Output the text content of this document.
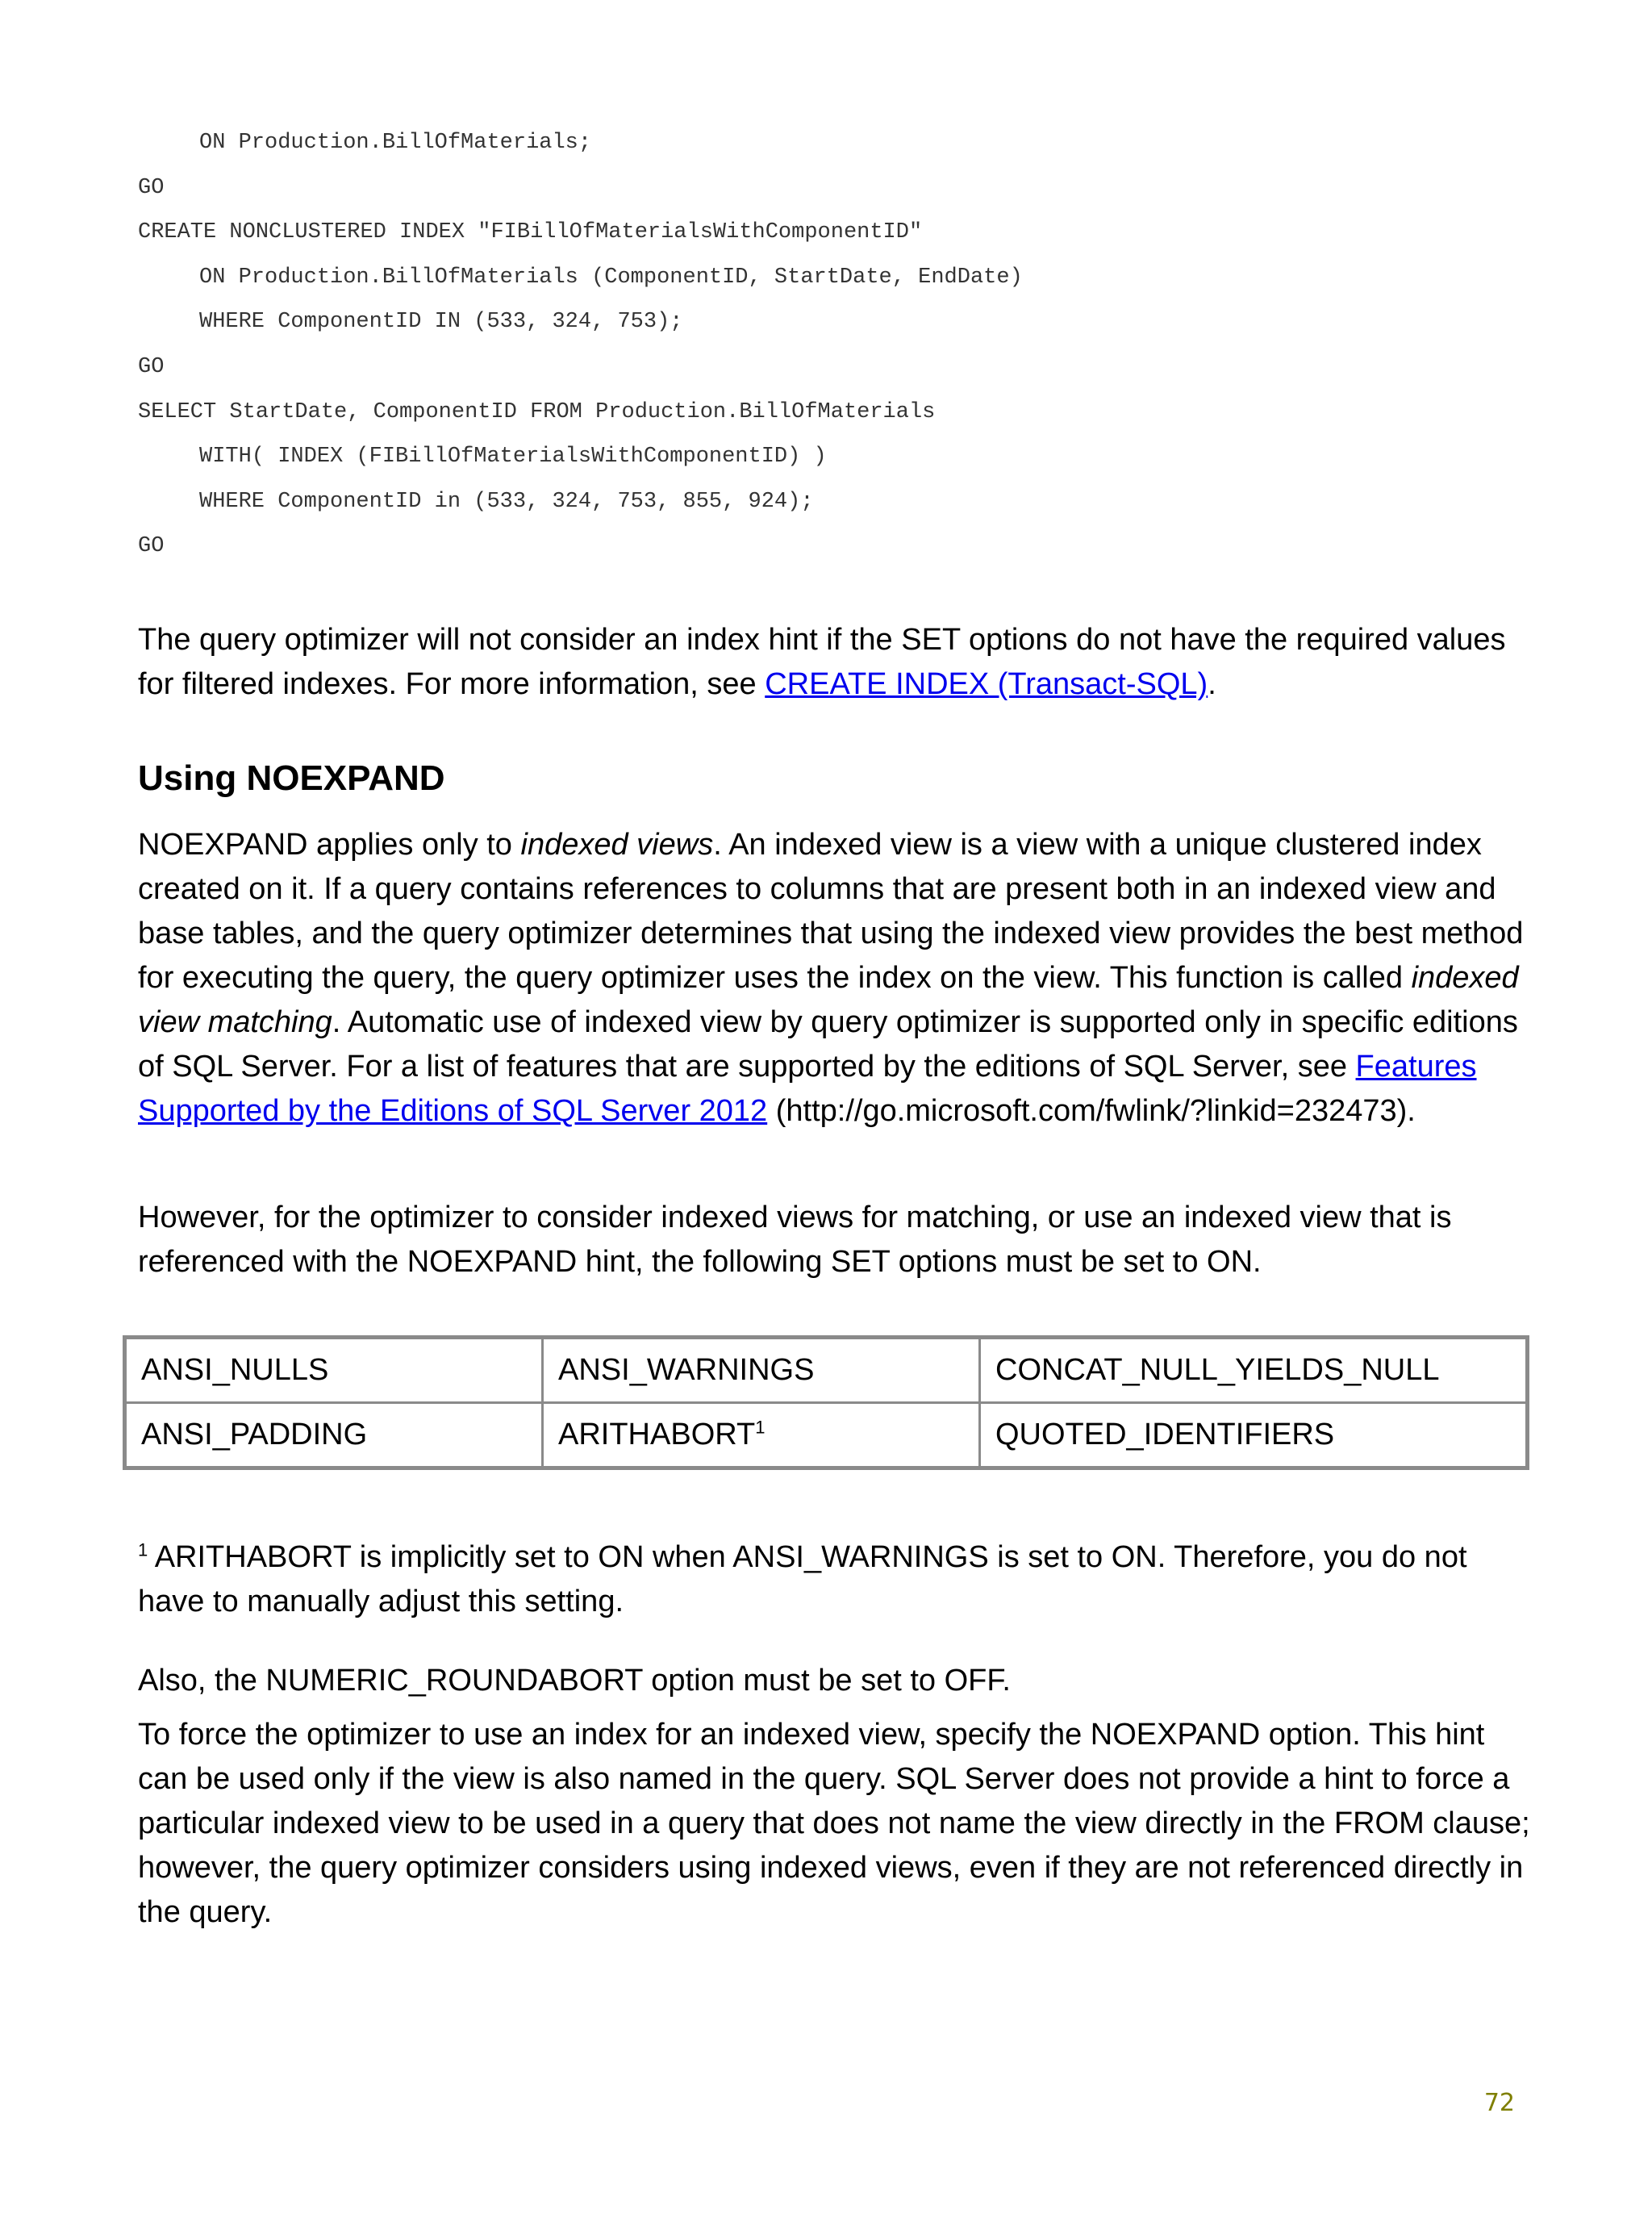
ON Production.BillOfMaterials;
GO
CREATE NONCLUSTERED INDEX "FIBillOfMaterialsWithComponentID"
ON Production.BillOfMaterials (ComponentID, StartDate, EndDate)
WHERE ComponentID IN (533, 324, 753);
GO
SELECT StartDate, ComponentID FROM Production.BillOfMaterials
WITH( INDEX (FIBillOfMaterialsWithComponentID) )
WHERE ComponentID in (533, 324, 753, 855, 924);
GO

The query optimizer will not consider an index hint if the SET options do not have the required values for filtered indexes. For more information, see CREATE INDEX (Transact-SQL).

Using NOEXPAND

NOEXPAND applies only to indexed views. An indexed view is a view with a unique clustered index created on it. If a query contains references to columns that are present both in an indexed view and base tables, and the query optimizer determines that using the indexed view provides the best method for executing the query, the query optimizer uses the index on the view. This function is called indexed view matching. Automatic use of indexed view by query optimizer is supported only in specific editions of SQL Server. For a list of features that are supported by the editions of SQL Server, see Features Supported by the Editions of SQL Server 2012 (http://go.microsoft.com/fwlink/?linkid=232473).

However, for the optimizer to consider indexed views for matching, or use an indexed view that is referenced with the NOEXPAND hint, the following SET options must be set to ON.

ANSI_NULLS	ANSI_WARNINGS	CONCAT_NULL_YIELDS_NULL
ANSI_PADDING	ARITHABORT$^1$	QUOTED_IDENTIFIERS

$^1$ ARITHABORT is implicitly set to ON when ANSI_WARNINGS is set to ON. Therefore, you do not have to manually adjust this setting.

Also, the NUMERIC_ROUNDABORT option must be set to OFF.

To force the optimizer to use an index for an indexed view, specify the NOEXPAND option. This hint can be used only if the view is also named in the query. SQL Server does not provide a hint to force a particular indexed view to be used in a query that does not name the view directly in the FROM clause; however, the query optimizer considers using indexed views, even if they are not referenced directly in the query.

72
